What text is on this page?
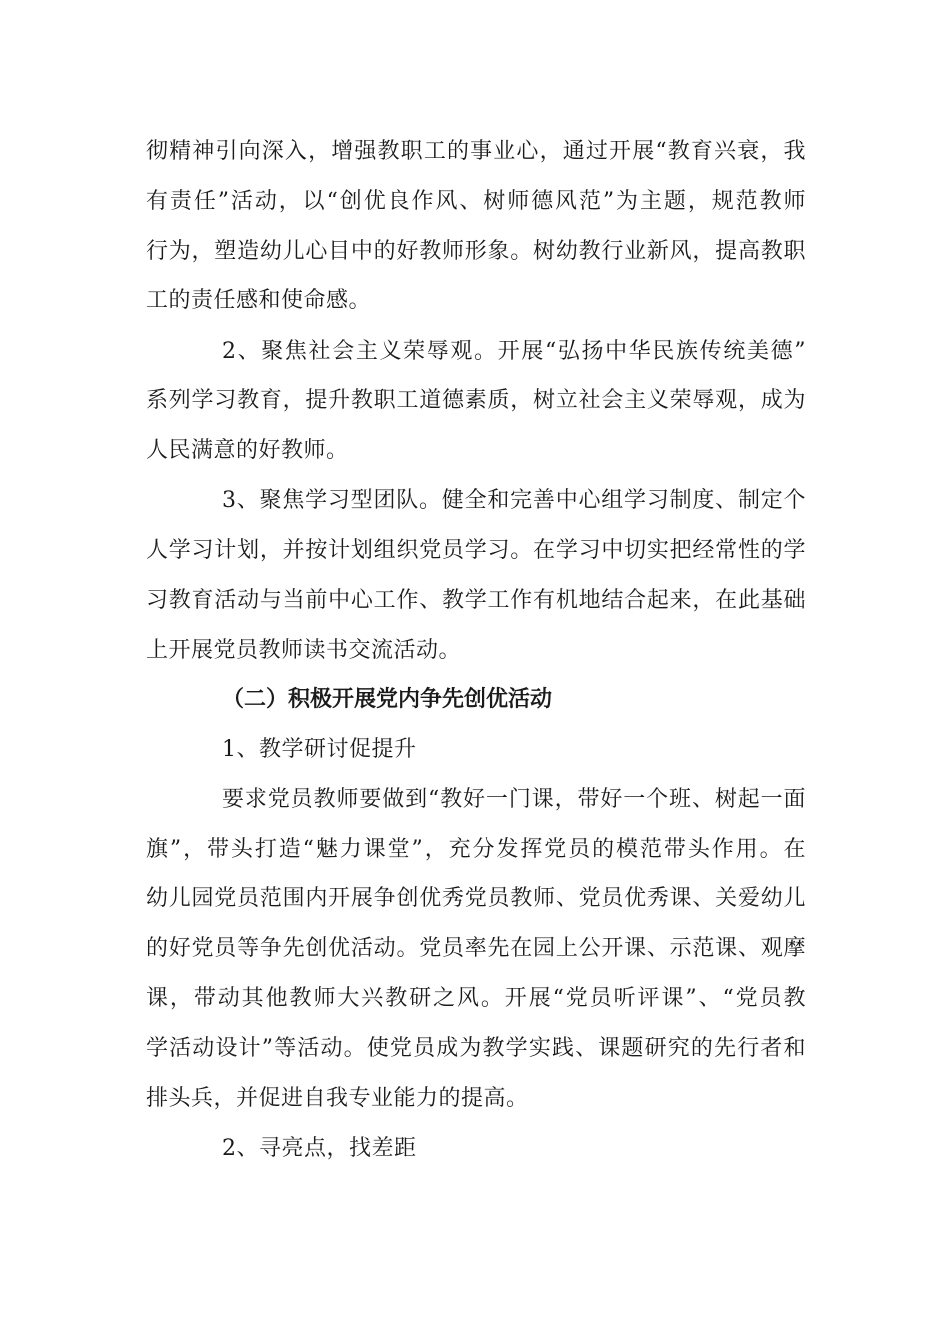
彻精神引向深入，增强教职工的事业心，通过开展“教育兴衰，我
有责任”活动，以“创优良作风、树师德风范”为主题，规范教师
行为，塑造幼儿心目中的好教师形象。树幼教行业新风，提高教职
工的责任感和使命感。
2、聚焦社会主义荣辱观。开展“弘扬中华民族传统美德”
系列学习教育，提升教职工道德素质，树立社会主义荣辱观，成为
人民满意的好教师。
3、聚焦学习型团队。健全和完善中心组学习制度、制定个
人学习计划，并按计划组织党员学习。在学习中切实把经常性的学
习教育活动与当前中心工作、教学工作有机地结合起来，在此基础
上开展党员教师读书交流活动。
（二）积极开展党内争先创优活动
1、教学研讨促提升
要求党员教师要做到“教好一门课，带好一个班、树起一面
旗”，带头打造“魅力课堂”，充分发挥党员的模范带头作用。在
幼儿园党员范围内开展争创优秀党员教师、党员优秀课、关爱幼儿
的好党员等争先创优活动。党员率先在园上公开课、示范课、观摩
课，带动其他教师大兴教研之风。开展“党员听评课”、“党员教
学活动设计”等活动。使党员成为教学实践、课题研究的先行者和
排头兵，并促进自我专业能力的提高。
2、寻亮点，找差距
